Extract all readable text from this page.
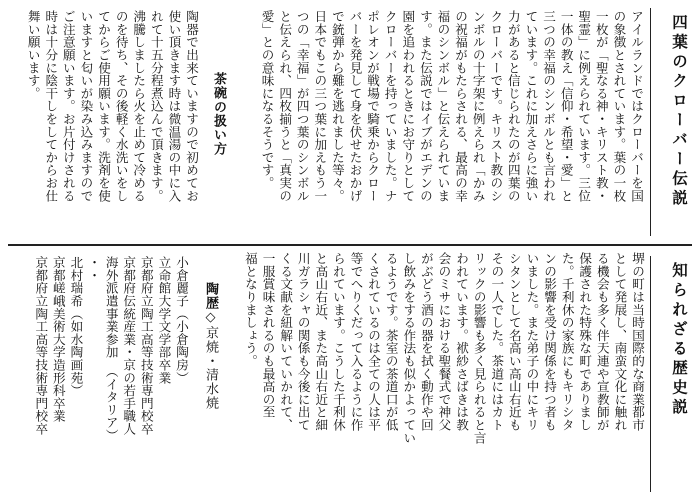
四葉のクローバー伝説
アイルランドではクローバーを国
の象徴とされています。葉の一枚
一枚が「聖なる神・キリスト教・
聖霊」に例えられています。三位
一体の教え「信仰・希望・愛」と
三つの幸福のシンボルとも言われ
ています。これに加えさらに強い
力があると信じられたのが四葉の
クローバーです。キリスト教のシ
ンボルの十字架に例えられ「かみ
の祝福がもたらされる、最高の幸
福のシンボル」と伝えられていま
す。また伝説ではイブがエデンの
園を追われるときにお守りとして
クローバーを持っていました。ナ
ポレオンが戦場で騎乗からクロー
バーを発見して身を伏せたおかげ
で銃弾から難を逃れました等々。
日本でもこの三つ葉に加えもう一
つの「幸福」が四つ葉のシンボル
と伝えられ、四枚揃うと「真実の
愛」との意味になるそうです。
茶碗の扱い方
陶器で出来ていますので初めてお
使い頂きます時は微温湯の中に入
れて十五分程煮込んで頂きます。
沸騰しましたら火を止めて冷める
のを待ち、その後軽く水洗いをし
てからご使用願います。洗剤を使
いますと匂いが染み込みますので
ご注意願います。お片付けされる
時は十分に陰干しをしてからお仕
舞い願います。
知られざる歴史説
堺の町は当時国際的な商業都市
として発展し、南蛮文化に触れ
る機会も多く伴天連や宣教師が
保護された特殊な町でありまし
た。千利休の家族にもキリシタ
ンの影響を受け関係を持つ者も
いました。また弟子の中にキリ
シタンとして名高い高山右近も
その一人でした。茶道にはカト
リックの影響も多く見られると言
われています。袱紗さばきは教
会のミサにおける聖餐式で神父
がぶどう酒の器を拭く動作や回
し飲みをする作法も似かよってい
るようです。茶室の茶道口が低
くされているのは全ての人は平
等でへりくだって入るように作
られています。こうした千利休
と高山右近、また高山右近と細
川ガラシャの関係も今後に出て
くる文献を紐解いていかれて、
一服賞味されるのも最高の至
福となりましょう。
陶歴◇京焼・清水焼
小倉麗子（小倉陶房）
立命館大学文学部卒業
京都府立陶工高等技術専門校卒
京都府伝統産業・京の若手職人
海外派遣事業参加　（イタリア）
・・
北村瑞希（如水陶画苑）
京都嵯峨美術大学造形科卒業
京都府立陶工高等技術専門校卒
